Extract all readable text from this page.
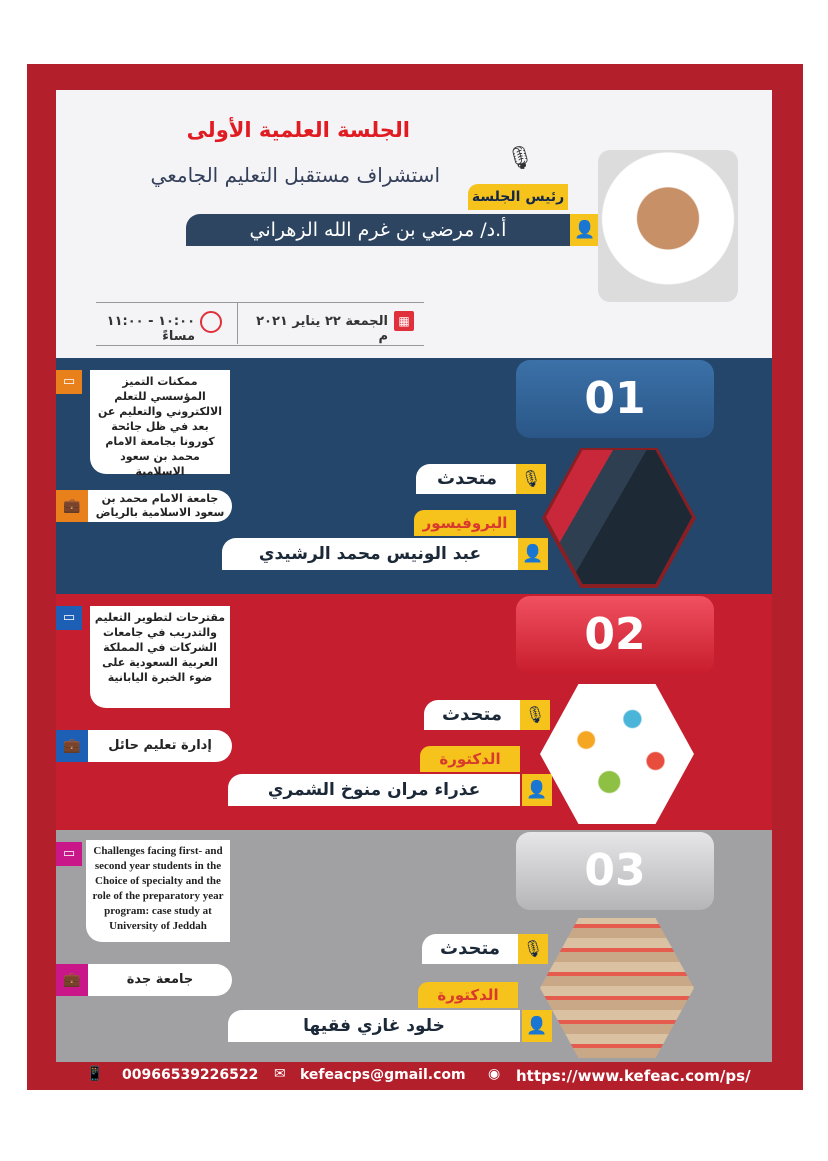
الجلسة العلمية الأولى
استشراف مستقبل التعليم الجامعي
🎙
رئيس الجلسة
أ.د/ مرضي بن غرم الله الزهراني	👤
▦
الجمعة ٢٢ يناير ٢٠٢١ م
١٠:٠٠ - ١١:٠٠ مساءً
01
▭	ممكنات التميز المؤسسي للتعلم الالكتروني والتعليم عن بعد في ظل جائحة كورونا بجامعة الامام محمد بن سعود الاسلامية
💼	جامعة الامام محمد بن سعود الاسلامية بالرياض
متحدث	🎙
البروفيسور
عبد الونيس محمد الرشيدي	👤
02
▭	مقترحات لتطوير التعليم والتدريب في جامعات الشركات في المملكة العربية السعودية على ضوء الخبرة اليابانية
💼	إدارة تعليم حائل
متحدث	🎙
الدكتورة
عذراء مران منوخ الشمري	👤
03
▭	Challenges facing first- and second year students in the Choice of specialty and the role of the preparatory year program: case study at University of Jeddah
💼	جامعة جدة
متحدث	🎙
الدكتورة
خلود غازي فقيها	👤
📱 00966539226522 ✉ kefeacps@gmail.com ◉ https://www.kefeac.com/ps/
